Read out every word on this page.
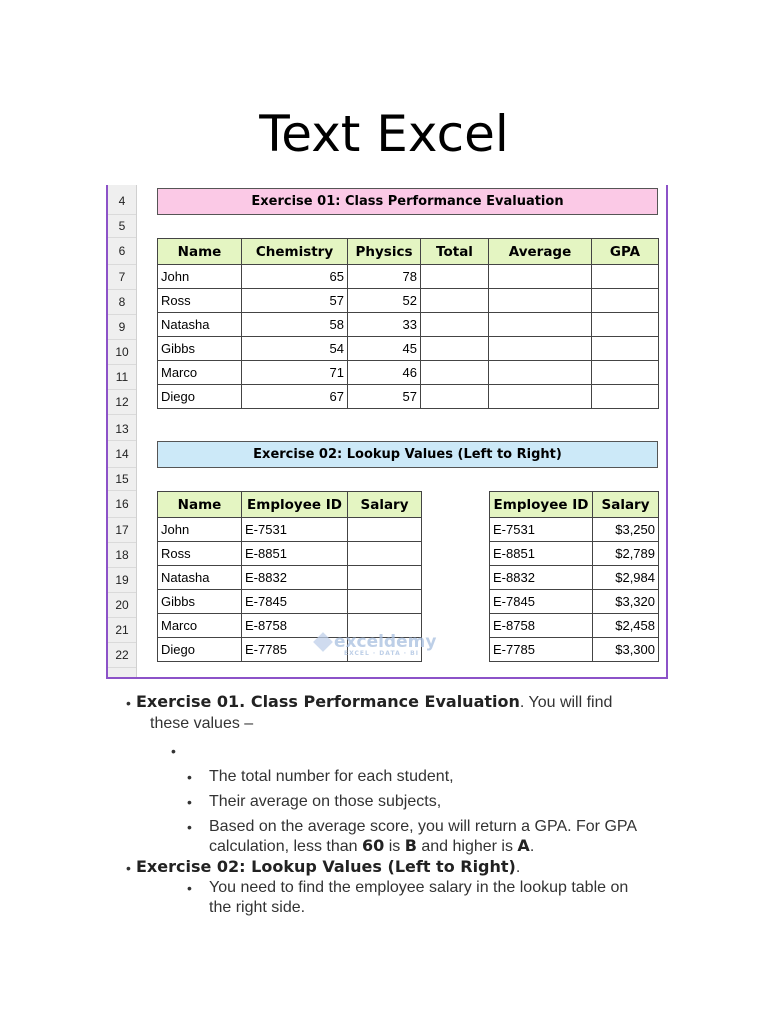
Text Excel
4
5
6
7
8
9
10
11
12
13
14
15
16
17
18
19
20
21
22
Exercise 01: Class Performance Evaluation
Name	Chemistry	Physics	Total	Average	GPA
John	65	78			
Ross	57	52			
Natasha	58	33			
Gibbs	54	45			
Marco	71	46			
Diego	67	57			
Exercise 02: Lookup Values (Left to Right)
Name	Employee ID	Salary
John	E-7531	
Ross	E-8851	
Natasha	E-8832	
Gibbs	E-7845	
Marco	E-8758	
Diego	E-7785	
Employee ID	Salary
E-7531	$3,250
E-8851	$2,789
E-8832	$2,984
E-7845	$3,320
E-8758	$2,458
E-7785	$3,300
exceldemy
EXCEL · DATA · BI
• Exercise 01. Class Performance Evaluation. You will find
these values –
•
• The total number for each student,
• Their average on those subjects,
• Based on the average score, you will return a GPA. For GPA
calculation, less than 60 is B and higher is A.
• Exercise 02: Lookup Values (Left to Right).
• You need to find the employee salary in the lookup table on
the right side.
